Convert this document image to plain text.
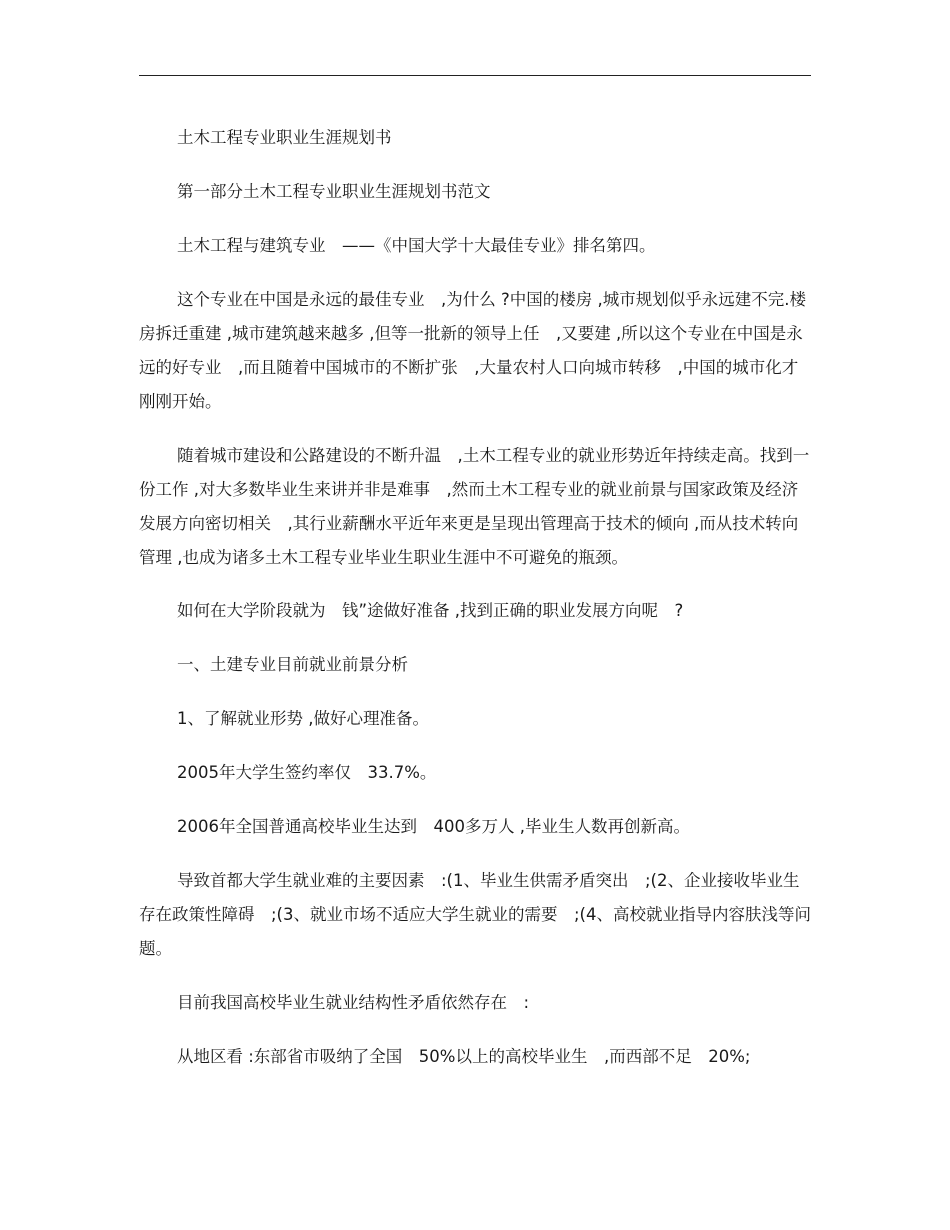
土木工程专业职业生涯规划书

第一部分土木工程专业职业生涯规划书范文

土木工程与建筑专业　——《中国大学十大最佳专业》排名第四。

这个专业在中国是永远的最佳专业　,为什么 ?中国的楼房 ,城市规划似乎永远建不完.楼房拆迁重建 ,城市建筑越来越多 ,但等一批新的领导上任　,又要建 ,所以这个专业在中国是永远的好专业　,而且随着中国城市的不断扩张　,大量农村人口向城市转移　,中国的城市化才刚刚开始。

随着城市建设和公路建设的不断升温　,土木工程专业的就业形势近年持续走高。找到一份工作 ,对大多数毕业生来讲并非是难事　,然而土木工程专业的就业前景与国家政策及经济发展方向密切相关　,其行业薪酬水平近年来更是呈现出管理高于技术的倾向 ,而从技术转向管理 ,也成为诸多土木工程专业毕业生职业生涯中不可避免的瓶颈。

如何在大学阶段就为　钱”途做好准备 ,找到正确的职业发展方向呢　?

一、土建专业目前就业前景分析

1、了解就业形势 ,做好心理准备。

2005年大学生签约率仅　33.7%。

2006年全国普通高校毕业生达到　400多万人 ,毕业生人数再创新高。

导致首都大学生就业难的主要因素　:(1、毕业生供需矛盾突出　;(2、企业接收毕业生存在政策性障碍　;(3、就业市场不适应大学生就业的需要　;(4、高校就业指导内容肤浅等问题。

目前我国高校毕业生就业结构性矛盾依然存在　:

从地区看 :东部省市吸纳了全国　50%以上的高校毕业生　,而西部不足　20%;
